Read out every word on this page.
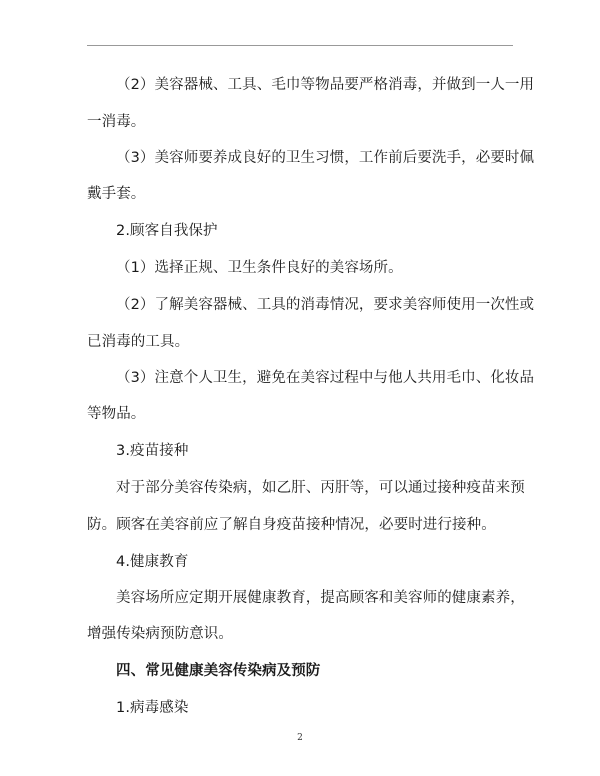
（2）美容器械、工具、毛巾等物品要严格消毒，并做到一人一用
一消毒。
（3）美容师要养成良好的卫生习惯，工作前后要洗手，必要时佩
戴手套。
2.顾客自我保护
（1）选择正规、卫生条件良好的美容场所。
（2）了解美容器械、工具的消毒情况，要求美容师使用一次性或
已消毒的工具。
（3）注意个人卫生，避免在美容过程中与他人共用毛巾、化妆品
等物品。
3.疫苗接种
对于部分美容传染病，如乙肝、丙肝等，可以通过接种疫苗来预
防。顾客在美容前应了解自身疫苗接种情况，必要时进行接种。
4.健康教育
美容场所应定期开展健康教育，提高顾客和美容师的健康素养，
增强传染病预防意识。
四、常见健康美容传染病及预防
1.病毒感染
2
